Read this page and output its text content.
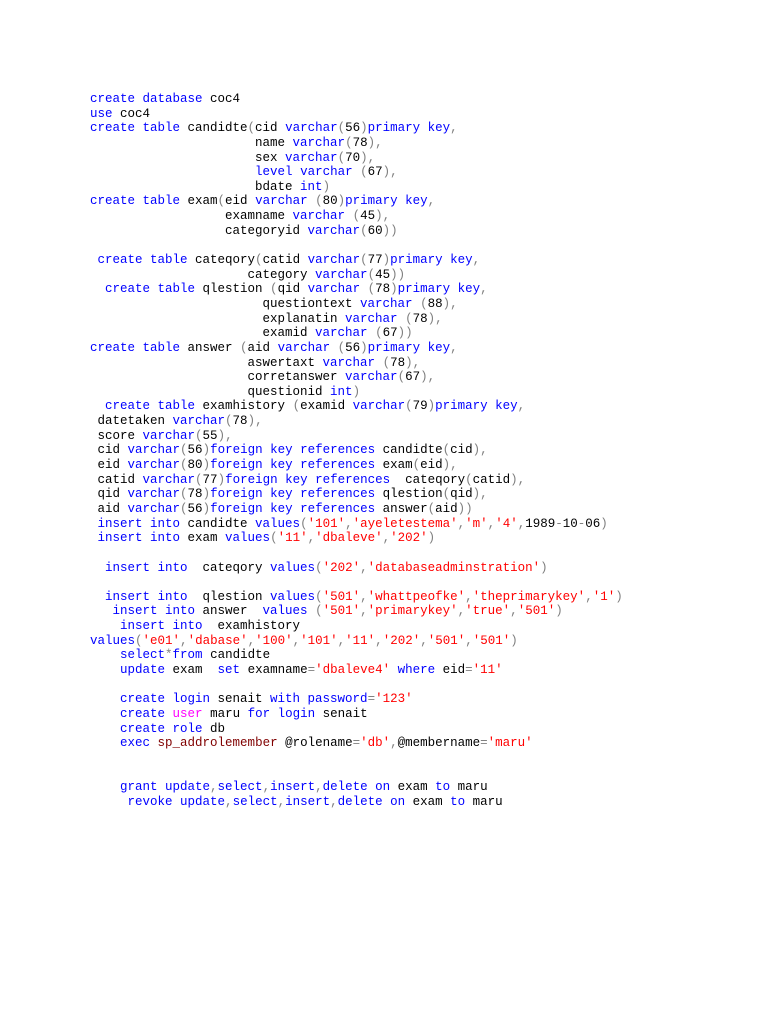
create database coc4
use coc4
create table candidte(cid varchar(56)primary key,
name varchar(78),
sex varchar(70),
level varchar (67),
bdate int)
create table exam(eid varchar (80)primary key,
examname varchar (45),
categoryid varchar(60))

create table cateqory(catid varchar(77)primary key,
category varchar(45))
create table qlestion (qid varchar (78)primary key,
questiontext varchar (88),
explanatin varchar (78),
examid varchar (67))
create table answer (aid varchar (56)primary key,
aswertaxt varchar (78),
corretanswer varchar(67),
questionid int)
create table examhistory (examid varchar(79)primary key,
datetaken varchar(78),
score varchar(55),
cid varchar(56)foreign key references candidte(cid),
eid varchar(80)foreign key references exam(eid),
catid varchar(77)foreign key references  cateqory(catid),
qid varchar(78)foreign key references qlestion(qid),
aid varchar(56)foreign key references answer(aid))
insert into candidte values('101','ayeletestema','m','4',1989-10-06)
insert into exam values('11','dbaleve','202')

insert into  cateqory values('202','databaseadminstration')

insert into  qlestion values('501','whattpeofke','theprimarykey','1')
insert into answer  values ('501','primarykey','true','501')
insert into  examhistory
values('e01','dabase','100','101','11','202','501','501')
select*from candidte
update exam  set examname='dbaleve4' where eid='11'

create login senait with password='123'
create user maru for login senait
create role db
exec sp_addrolemember @rolename='db',@membername='maru'

grant update,select,insert,delete on exam to maru
revoke update,select,insert,delete on exam to maru
